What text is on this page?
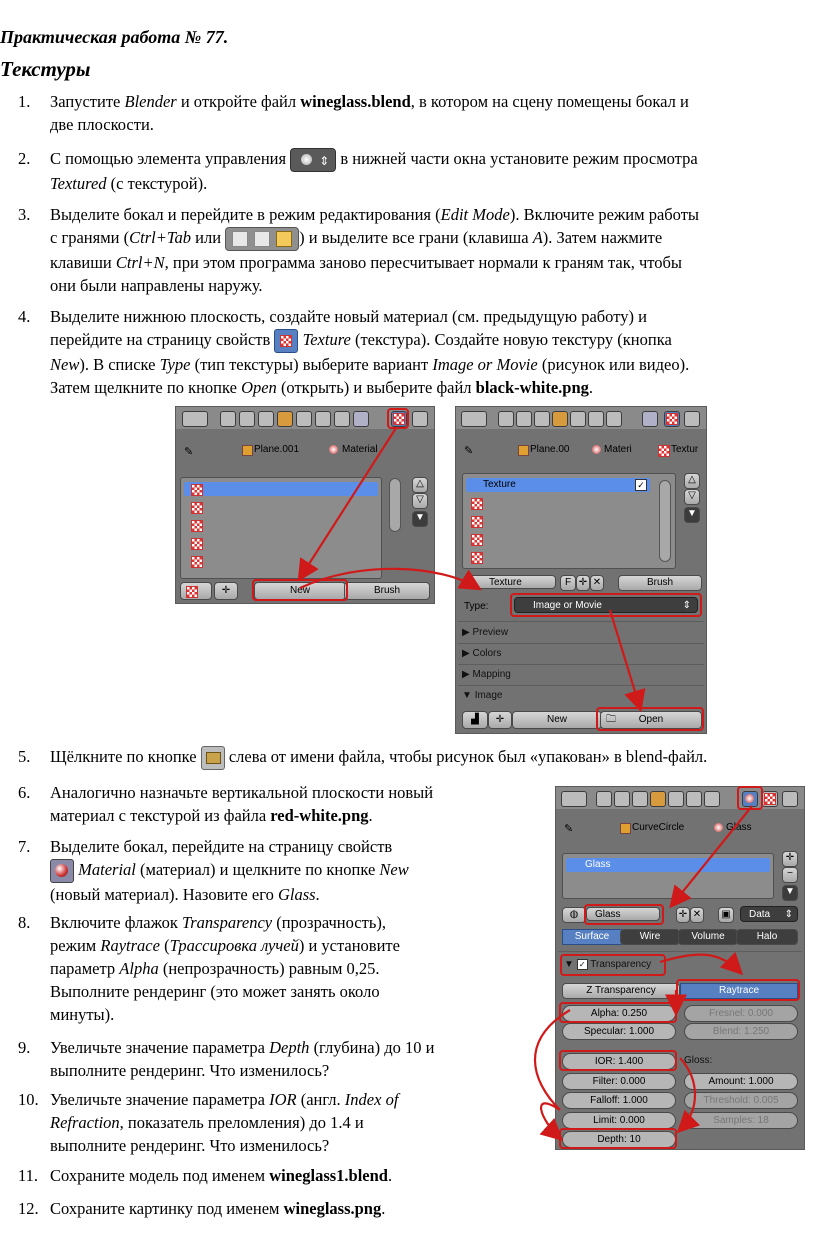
Практическая работа № 77.
Текстуры
1.	Запустите Blender и откройте файл wineglass.blend, в котором на сцену помещены бокал и
две плоскости.
2.	С помощью элемента управления ⇕ в нижней части окна установите режим просмотра
Textured (с текстурой).
3.	Выделите бокал и перейдите в режим редактирования (Edit Mode). Включите режим работы
с гранями (Ctrl+Tab или	) и выделите все грани (клавиша A). Затем нажмите
клавиши Ctrl+N, при этом программа заново пересчитывает нормали к граням так, чтобы
они были направлены наружу.
4.	Выделите нижнюю плоскость, создайте новый материал (см. предыдущую работу) и
перейдите на страницу свойств
Texture (текстура). Создайте новую текстуру (кнопка
New). В списке Type (тип текстуры) выберите вариант Image or Movie (рисунок или видео).
Затем щелкните по кнопке Open (открыть) и выберите файл black-white.png.
5.	Щёлкните по кнопке
слева от имени файла, чтобы рисунок был «упакован» в blend-файл.
6.	Аналогично назначьте вертикальной плоскости новый
материал с текстурой из файла red-white.png.
7.	Выделите бокал, перейдите на страницу свойств
Material (материал) и щелкните по кнопке New
(новый материал). Назовите его Glass.
8.	Включите флажок Transparency (прозрачность),
режим Raytrace (Трассировка лучей) и установите
параметр Alpha (непрозрачность) равным 0,25.
Выполните рендеринг (это может занять около
минуты).
9.	Увеличьте значение параметра Depth (глубина) до 10 и
выполните рендеринг. Что изменилось?
10. Увеличьте значение параметра IOR (англ. Index of
Refraction, показатель преломления) до 1.4 и
выполните рендеринг. Что изменилось?
11. Сохраните модель под именем wineglass1.blend.
12. Сохраните картинку под именем wineglass.png.
✎	Plane.001	Material
△
▽
▼
✛	New	Brush
✎	Plane.00	Materi	Textur
Texture	✓	△
▽
▼
Texture	F ✛ ✕	Brush
Type:	Image or Movie	⇕
▶ Preview
▶ Colors
▶ Mapping
▼ Image
▟	✛	New	🗀 Open
✎	CurveCircle	Glass
Glass
✛
−
▼
◍	Glass	✛ ✕	▣	Data ⇕
Surface	Wire	Volume	Halo
▼ ✓ Transparency
Z Transparency	Raytrace
Alpha: 0.250	Fresnel: 0.000
Specular: 1.000	Blend: 1.250
IOR: 1.400	Gloss:
Filter: 0.000	Amount: 1.000
Falloff: 1.000	Threshold: 0.005
Limit: 0.000	Samples: 18
Depth: 10
